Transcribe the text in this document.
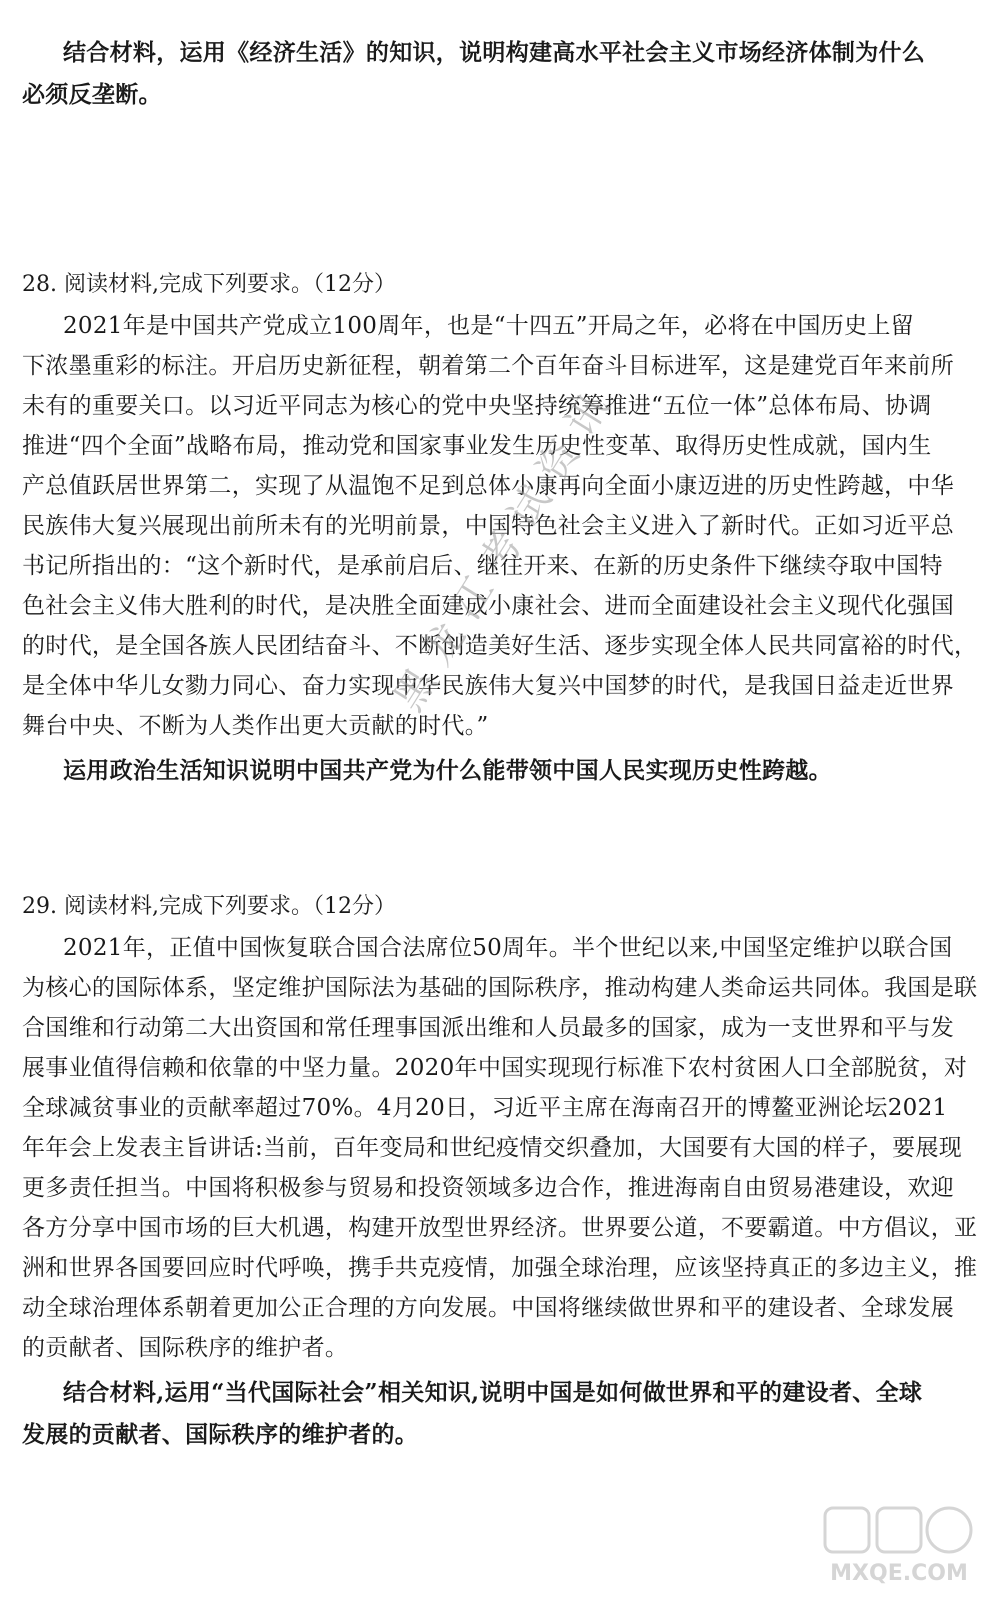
结合材料，运用《经济生活》的知识，说明构建高水平社会主义市场经济体制为什么
必须反垄断。
28. 阅读材料,完成下列要求。（12分）
2021年是中国共产党成立100周年，也是“十四五”开局之年，必将在中国历史上留
下浓墨重彩的标注。开启历史新征程，朝着第二个百年奋斗目标进军，这是建党百年来前所
未有的重要关口。以习近平同志为核心的党中央坚持统筹推进“五位一体”总体布局、协调
推进“四个全面”战略布局，推动党和国家事业发生历史性变革、取得历史性成就，国内生
产总值跃居世界第二，实现了从温饱不足到总体小康再向全面小康迈进的历史性跨越，中华
民族伟大复兴展现出前所未有的光明前景，中国特色社会主义进入了新时代。正如习近平总
书记所指出的：“这个新时代，是承前启后、继往开来、在新的历史条件下继续夺取中国特
色社会主义伟大胜利的时代，是决胜全面建成小康社会、进而全面建设社会主义现代化强国
的时代，是全国各族人民团结奋斗、不断创造美好生活、逐步实现全体人民共同富裕的时代，
是全体中华儿女勠力同心、奋力实现中华民族伟大复兴中国梦的时代，是我国日益走近世界
舞台中央、不断为人类作出更大贡献的时代。”
运用政治生活知识说明中国共产党为什么能带领中国人民实现历史性跨越。
29. 阅读材料,完成下列要求。（12分）
2021年，正值中国恢复联合国合法席位50周年。半个世纪以来,中国坚定维护以联合国
为核心的国际体系，坚定维护国际法为基础的国际秩序，推动构建人类命运共同体。我国是联
合国维和行动第二大出资国和常任理事国派出维和人员最多的国家，成为一支世界和平与发
展事业值得信赖和依靠的中坚力量。2020年中国实现现行标准下农村贫困人口全部脱贫，对
全球减贫事业的贡献率超过70%。4月20日，习近平主席在海南召开的博鳌亚洲论坛2021
年年会上发表主旨讲话:当前，百年变局和世纪疫情交织叠加，大国要有大国的样子，要展现
更多责任担当。中国将积极参与贸易和投资领域多边合作，推进海南自由贸易港建设，欢迎
各方分享中国市场的巨大机遇，构建开放型世界经济。世界要公道，不要霸道。中方倡议，亚
洲和世界各国要回应时代呼唤，携手共克疫情，加强全球治理，应该坚持真正的多边主义，推
动全球治理体系朝着更加公正合理的方向发展。中国将继续做世界和平的建设者、全球发展
的贡献者、国际秩序的维护者。
结合材料,运用“当代国际社会”相关知识,说明中国是如何做世界和平的建设者、全球
发展的贡献者、国际秩序的维护者的。
黑龙江考试资讯
MXQE.COM
